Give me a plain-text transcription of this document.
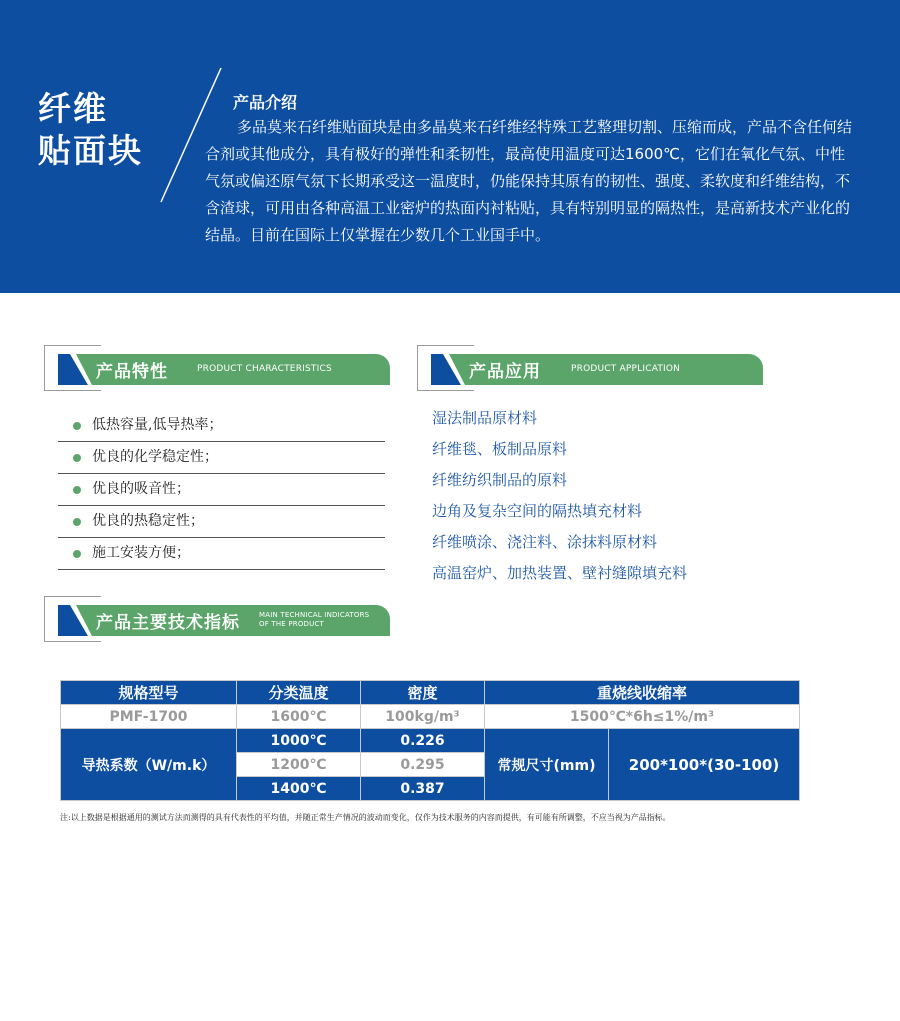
纤维
贴面块
产品介绍

多品莫来石纤维贴面块是由多晶莫来石纤维经特殊工艺整理切割、压缩而成，产品不含任何结合剂或其他成分，具有极好的弹性和柔韧性，最高使用温度可达1600℃，它们在氧化气氛、中性气氛或偏还原气氛下长期承受这一温度时，仍能保持其原有的韧性、强度、柔软度和纤维结构，不含渣球，可用由各种高温工业密炉的热面内衬粘贴，具有特别明显的隔热性，是高新技术产业化的结晶。目前在国际上仅掌握在少数几个工业国手中。

产品特性	PRODUCT CHARACTERISTICS
低热容量,低导热率；
优良的化学稳定性；
优良的吸音性；
优良的热稳定性；
施工安装方便；
产品应用	PRODUCT APPLICATION
湿法制品原材料
纤维毯、板制品原料
纤维纺织制品的原料
边角及复杂空间的隔热填充材料
纤维喷涂、浇注料、涂抹料原材料
高温窑炉、加热装置、壁衬缝隙填充料
产品主要技术指标	MAIN TECHNICAL INDICATORS
OF THE PRODUCT
规格型号	分类温度	密度	重烧线收缩率	
PMF-1700	1600℃	100kg/m³	1500℃*6h≤1%/m³	
导热系数（W/m.k）	1000℃	0.226	常规尺寸(mm)	200*100*(30-100)
	1200℃	0.295		
	1400℃	0.387		

注:以上数据是根据通用的测试方法而测得的具有代表性的平均值，并随正常生产情况的波动而变化，仅作为技术服务的内容而提供，有可能有所调整，不应当视为产品指标。
